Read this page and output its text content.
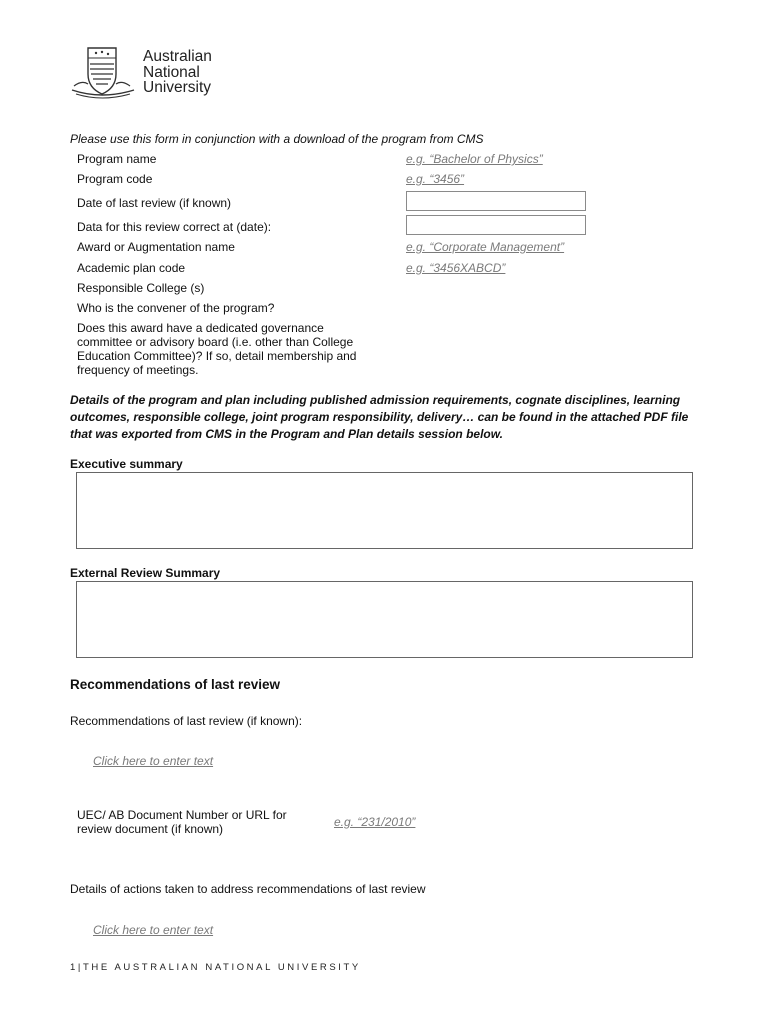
Australian
National
University
Please use this form in conjunction with a download of the program from CMS
Program name	e.g. “Bachelor of Physics”
Program code	e.g. “3456”
Date of last review (if known)
Data for this review correct at (date):
Award or Augmentation name	e.g. “Corporate Management”
Academic plan code	e.g. “3456XABCD”
Responsible College (s)
Who is the convener of the program?
Does this award have a dedicated governance
committee or advisory board (i.e. other than College
Education Committee)? If so, detail membership and
frequency of meetings.
Details of the program and plan including published admission requirements, cognate disciplines, learning outcomes, responsible college, joint program responsibility, delivery… can be found in the attached PDF file that was exported from CMS in the Program and Plan details session below.
Executive summary
External Review Summary
Recommendations of last review
Recommendations of last review (if known):
Click here to enter text
UEC/ AB Document Number or URL for
review document (if known)	e.g. “231/2010”
Details of actions taken to address recommendations of last review
Click here to enter text
1|THE AUSTRALIAN NATIONAL UNIVERSITY
